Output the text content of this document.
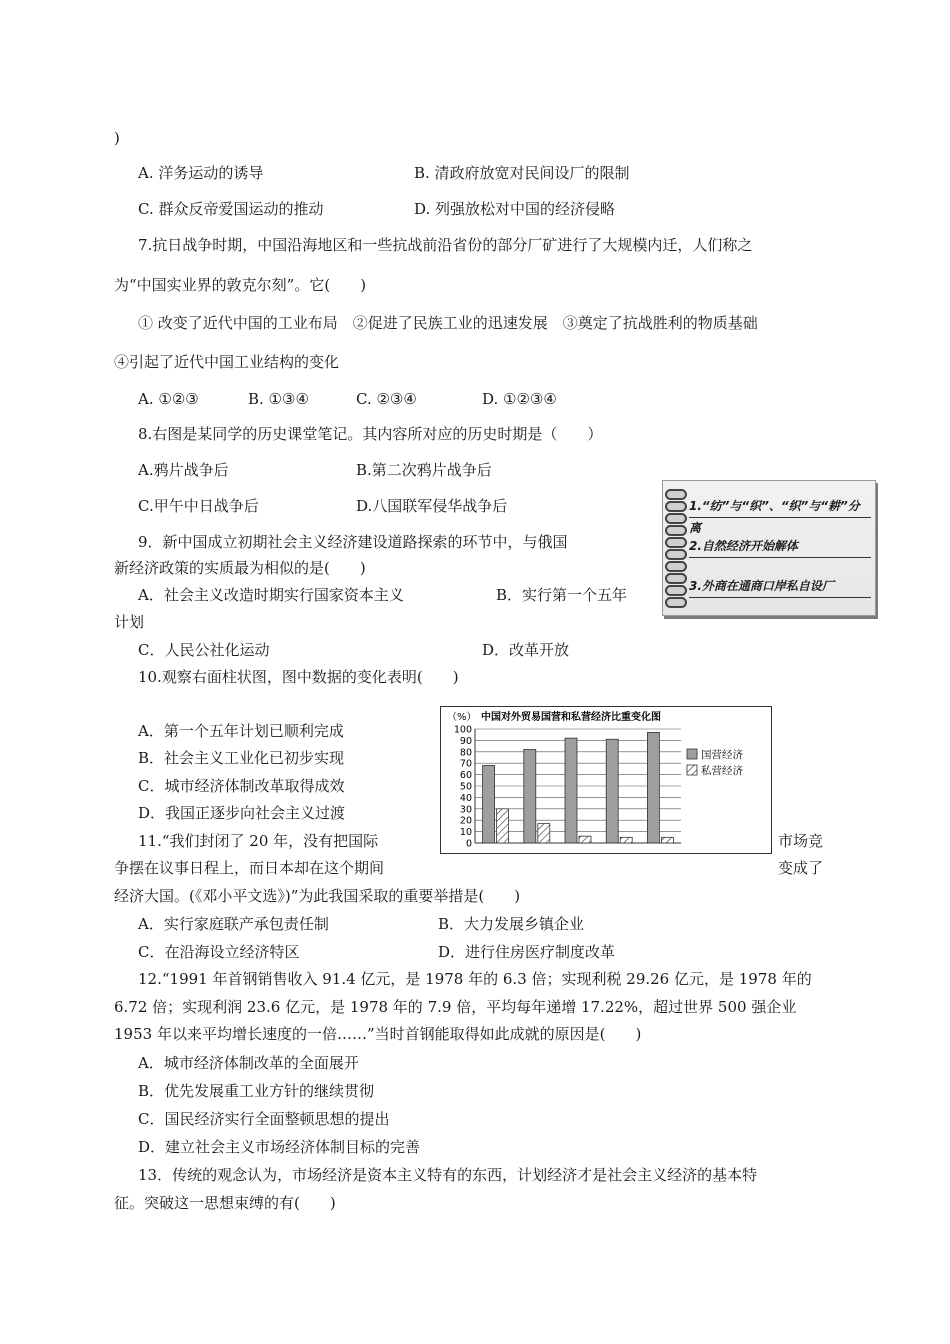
)
A. 洋务运动的诱导	B. 清政府放宽对民间设厂的限制
C. 群众反帝爱国运动的推动	D. 列强放松对中国的经济侵略
7.抗日战争时期，中国沿海地区和一些抗战前沿省份的部分厂矿进行了大规模内迁，人们称之
为“中国实业界的敦克尔刻”。它(　　)
① 改变了近代中国的工业布局　②促进了民族工业的迅速发展　③奠定了抗战胜利的物质基础
④引起了近代中国工业结构的变化
A. ①②③	B. ①③④	C. ②③④	D. ①②③④
8.右图是某同学的历史课堂笔记。其内容所对应的历史时期是（　　）
A.鸦片战争后	B.第二次鸦片战争后
C.甲午中日战争后	D.八国联军侵华战争后	1.“纺”与“织”、“织”与“耕”分离
2.自然经济开始解体
3.外商在通商口岸私自设厂
9．新中国成立初期社会主义经济建设道路探索的环节中，与俄国
新经济政策的实质最为相似的是(　　)
A．社会主义改造时期实行国家资本主义	B．实行第一个五年
计划
C．人民公社化运动	D．改革开放
10.观察右面柱状图，图中数据的变化表明(　　)
A．第一个五年计划已顺利完成
B．社会主义工业化已初步实现
C．城市经济体制改革取得成效
D．我国正逐步向社会主义过渡
（%） 中国对外贸易国营和私营经济比重变化图
0
10
20
30
40
50
60
70
80
90
100
国营经济
私营经济
11.“我们封闭了 20 年，没有把国际	市场竞
争摆在议事日程上，而日本却在这个期间	变成了
经济大国。(《邓小平文选》)”为此我国采取的重要举措是(　　)
A．实行家庭联产承包责任制	B．大力发展乡镇企业
C．在沿海设立经济特区	D．进行住房医疗制度改革
12.“1991 年首钢销售收入 91.4 亿元，是 1978 年的 6.3 倍；实现利税 29.26 亿元，是 1978 年的
6.72 倍；实现利润 23.6 亿元，是 1978 年的 7.9 倍，平均每年递增 17.22%，超过世界 500 强企业
1953 年以来平均增长速度的一倍……”当时首钢能取得如此成就的原因是(　　)
A．城市经济体制改革的全面展开
B．优先发展重工业方针的继续贯彻
C．国民经济实行全面整顿思想的提出
D．建立社会主义市场经济体制目标的完善
13．传统的观念认为，市场经济是资本主义特有的东西，计划经济才是社会主义经济的基本特
征。突破这一思想束缚的有(　　)
